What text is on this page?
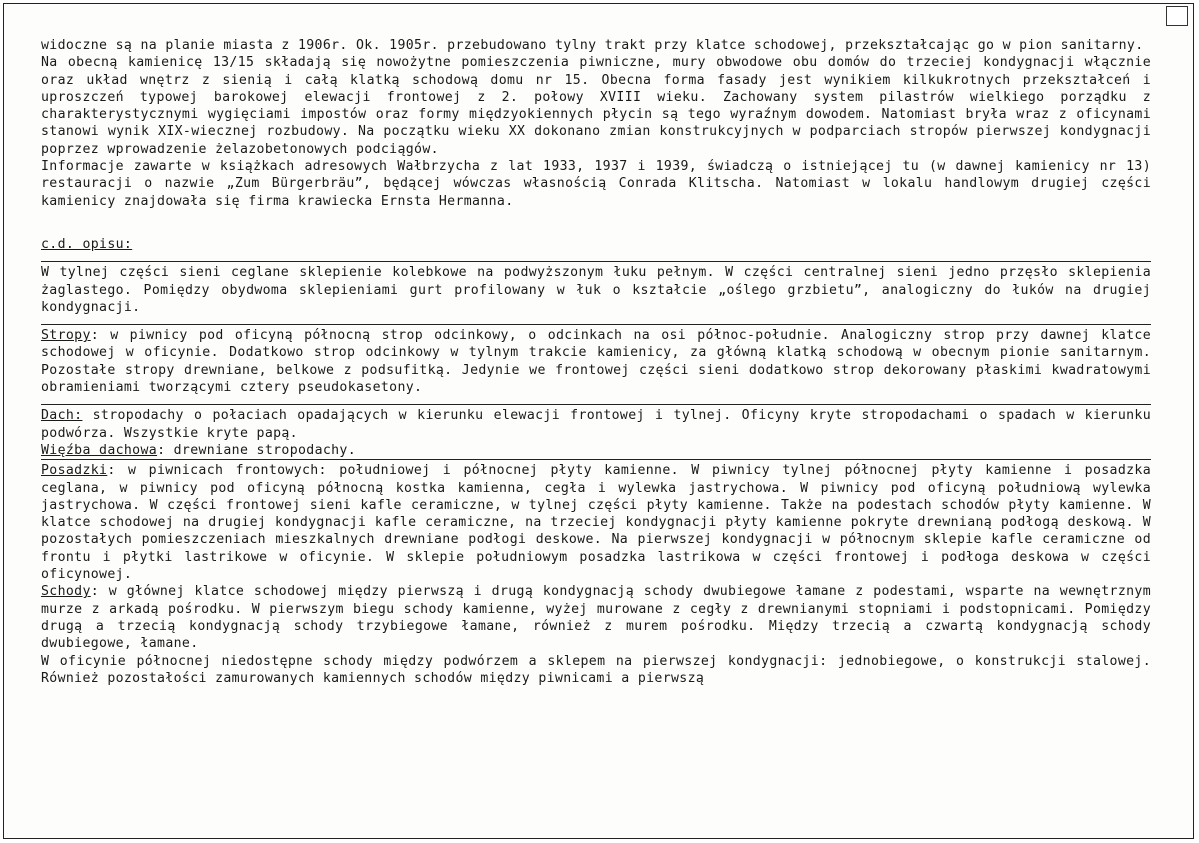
widoczne są na planie miasta z 1906r. Ok. 1905r. przebudowano tylny trakt przy klatce schodowej, przekształcając go w pion sanitarny.

Na obecną kamienicę 13/15 składają się nowożytne pomieszczenia piwniczne, mury obwodowe obu domów do trzeciej kondygnacji włącznie oraz układ wnętrz z sienią i całą klatką schodową domu nr 15. Obecna forma fasady jest wynikiem kilkukrotnych przekształceń i uproszczeń typowej barokowej elewacji frontowej z 2. połowy XVIII wieku. Zachowany system pilastrów wielkiego porządku z charakterystycznymi wygięciami impostów oraz formy międzyokiennych płycin są tego wyraźnym dowodem. Natomiast bryła wraz z oficynami stanowi wynik XIX-wiecznej rozbudowy. Na początku wieku XX dokonano zmian konstrukcyjnych w podparciach stropów pierwszej kondygnacji poprzez wprowadzenie żelazobetonowych podciągów.

Informacje zawarte w książkach adresowych Wałbrzycha z lat 1933, 1937 i 1939, świadczą o istniejącej tu (w dawnej kamienicy nr 13) restauracji o nazwie „Zum Bürgerbräu”, będącej wówczas własnością Conrada Klitscha. Natomiast w lokalu handlowym drugiej części kamienicy znajdowała się firma krawiecka Ernsta Hermanna.

c.d. opisu:

W tylnej części sieni ceglane sklepienie kolebkowe na podwyższonym łuku pełnym. W części centralnej sieni jedno przęsło sklepienia żaglastego. Pomiędzy obydwoma sklepieniami gurt profilowany w łuk o kształcie „oślego grzbietu”, analogiczny do łuków na drugiej kondygnacji.

Stropy: w piwnicy pod oficyną północną strop odcinkowy, o odcinkach na osi północ-południe. Analogiczny strop przy dawnej klatce schodowej w oficynie. Dodatkowo strop odcinkowy w tylnym trakcie kamienicy, za główną klatką schodową w obecnym pionie sanitarnym. Pozostałe stropy drewniane, belkowe z podsufitką. Jedynie we frontowej części sieni dodatkowo strop dekorowany płaskimi kwadratowymi obramieniami tworzącymi cztery pseudokasetony.

Dach: stropodachy o połaciach opadających w kierunku elewacji frontowej i tylnej. Oficyny kryte stropodachami o spadach w kierunku podwórza. Wszystkie kryte papą.

Więźba dachowa: drewniane stropodachy.

Posadzki: w piwnicach frontowych: południowej i północnej płyty kamienne. W piwnicy tylnej północnej płyty kamienne i posadzka ceglana, w piwnicy pod oficyną północną kostka kamienna, cegła i wylewka jastrychowa. W piwnicy pod oficyną południową wylewka jastrychowa. W części frontowej sieni kafle ceramiczne, w tylnej części płyty kamienne. Także na podestach schodów płyty kamienne. W klatce schodowej na drugiej kondygnacji kafle ceramiczne, na trzeciej kondygnacji płyty kamienne pokryte drewnianą podłogą deskową. W pozostałych pomieszczeniach mieszkalnych drewniane podłogi deskowe. Na pierwszej kondygnacji w północnym sklepie kafle ceramiczne od frontu i płytki lastrikowe w oficynie. W sklepie południowym posadzka lastrikowa w części frontowej i podłoga deskowa w części oficynowej.

Schody: w głównej klatce schodowej między pierwszą i drugą kondygnacją schody dwubiegowe łamane z podestami, wsparte na wewnętrznym murze z arkadą pośrodku. W pierwszym biegu schody kamienne, wyżej murowane z cegły z drewnianymi stopniami i podstopnicami. Pomiędzy drugą a trzecią kondygnacją schody trzybiegowe łamane, również z murem pośrodku. Między trzecią a czwartą kondygnacją schody dwubiegowe, łamane.

W oficynie północnej niedostępne schody między podwórzem a sklepem na pierwszej kondygnacji: jednobiegowe, o konstrukcji stalowej. Również pozostałości zamurowanych kamiennych schodów między piwnicami a pierwszą
